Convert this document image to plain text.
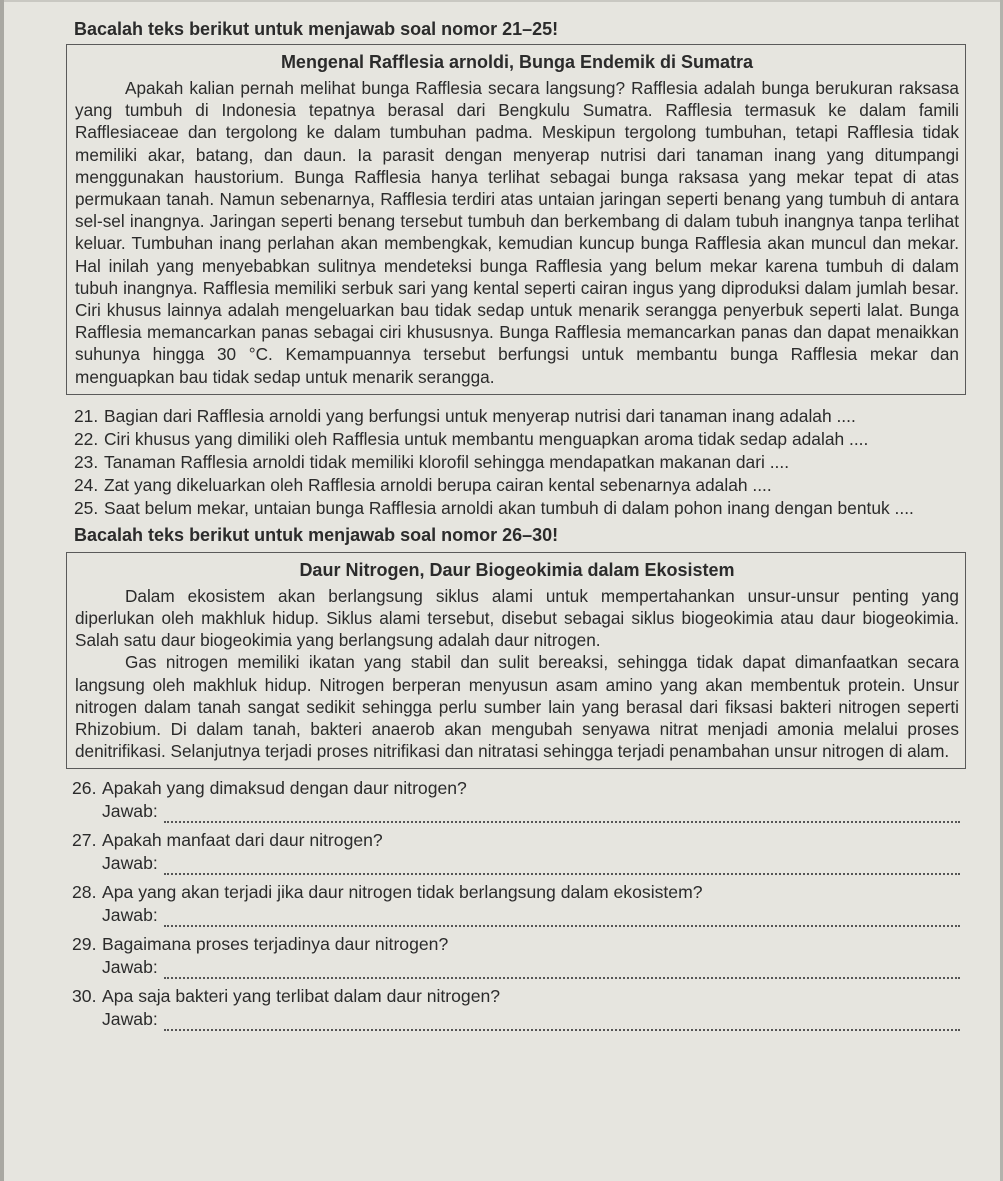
Bacalah teks berikut untuk menjawab soal nomor 21–25!
Mengenal Rafflesia arnoldi, Bunga Endemik di Sumatra

Apakah kalian pernah melihat bunga Rafflesia secara langsung? Rafflesia adalah bunga berukuran raksasa yang tumbuh di Indonesia tepatnya berasal dari Bengkulu Sumatra. Rafflesia termasuk ke dalam famili Rafflesiaceae dan tergolong ke dalam tumbuhan padma. Meskipun tergolong tumbuhan, tetapi Rafflesia tidak memiliki akar, batang, dan daun. Ia parasit dengan menyerap nutrisi dari tanaman inang yang ditumpangi menggunakan haustorium. Bunga Rafflesia hanya terlihat sebagai bunga raksasa yang mekar tepat di atas permukaan tanah. Namun sebenarnya, Rafflesia terdiri atas untaian jaringan seperti benang yang tumbuh di antara sel-sel inangnya. Jaringan seperti benang tersebut tumbuh dan berkembang di dalam tubuh inangnya tanpa terlihat keluar. Tumbuhan inang perlahan akan membengkak, kemudian kuncup bunga Rafflesia akan muncul dan mekar. Hal inilah yang menyebabkan sulitnya mendeteksi bunga Rafflesia yang belum mekar karena tumbuh di dalam tubuh inangnya. Rafflesia memiliki serbuk sari yang kental seperti cairan ingus yang diproduksi dalam jumlah besar. Ciri khusus lainnya adalah mengeluarkan bau tidak sedap untuk menarik serangga penyerbuk seperti lalat. Bunga Rafflesia memancarkan panas sebagai ciri khususnya. Bunga Rafflesia memancarkan panas dan dapat menaikkan suhunya hingga 30 °C. Kemampuannya tersebut berfungsi untuk membantu bunga Rafflesia mekar dan menguapkan bau tidak sedap untuk menarik serangga.

21. Bagian dari Rafflesia arnoldi yang berfungsi untuk menyerap nutrisi dari tanaman inang adalah ....
22. Ciri khusus yang dimiliki oleh Rafflesia untuk membantu menguapkan aroma tidak sedap adalah ....
23. Tanaman Rafflesia arnoldi tidak memiliki klorofil sehingga mendapatkan makanan dari ....
24. Zat yang dikeluarkan oleh Rafflesia arnoldi berupa cairan kental sebenarnya adalah ....
25. Saat belum mekar, untaian bunga Rafflesia arnoldi akan tumbuh di dalam pohon inang dengan bentuk ....
Bacalah teks berikut untuk menjawab soal nomor 26–30!
Daur Nitrogen, Daur Biogeokimia dalam Ekosistem

Dalam ekosistem akan berlangsung siklus alami untuk mempertahankan unsur-unsur penting yang diperlukan oleh makhluk hidup. Siklus alami tersebut, disebut sebagai siklus biogeokimia atau daur biogeokimia. Salah satu daur biogeokimia yang berlangsung adalah daur nitrogen.

Gas nitrogen memiliki ikatan yang stabil dan sulit bereaksi, sehingga tidak dapat dimanfaatkan secara langsung oleh makhluk hidup. Nitrogen berperan menyusun asam amino yang akan membentuk protein. Unsur nitrogen dalam tanah sangat sedikit sehingga perlu sumber lain yang berasal dari fiksasi bakteri nitrogen seperti Rhizobium. Di dalam tanah, bakteri anaerob akan mengubah senyawa nitrat menjadi amonia melalui proses denitrifikasi. Selanjutnya terjadi proses nitrifikasi dan nitratasi sehingga terjadi penambahan unsur nitrogen di alam.

26. Apakah yang dimaksud dengan daur nitrogen?
Jawab:
27. Apakah manfaat dari daur nitrogen?
Jawab:
28. Apa yang akan terjadi jika daur nitrogen tidak berlangsung dalam ekosistem?
Jawab:
29. Bagaimana proses terjadinya daur nitrogen?
Jawab:
30. Apa saja bakteri yang terlibat dalam daur nitrogen?
Jawab:
